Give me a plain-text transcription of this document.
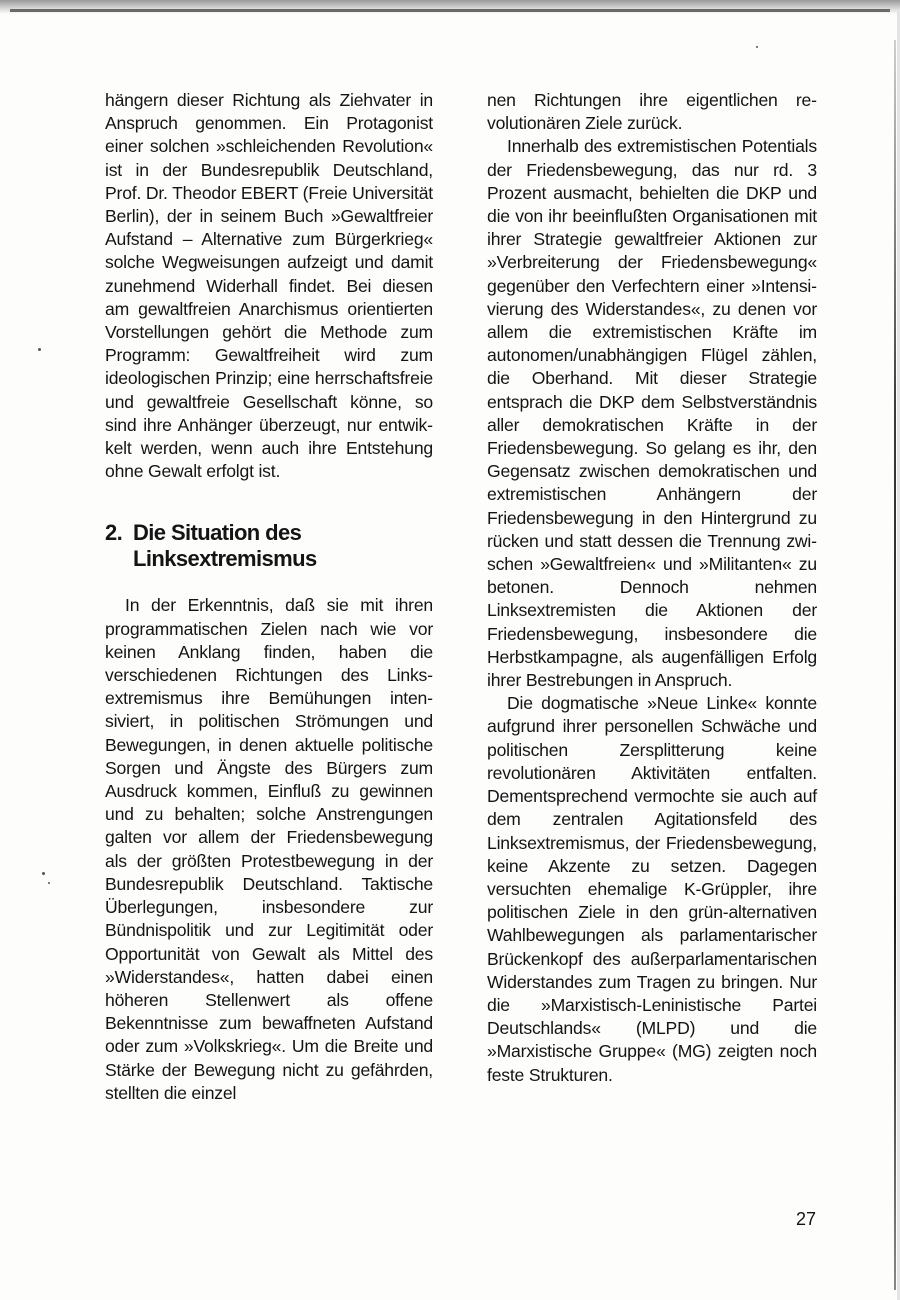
hängern dieser Richtung als Ziehvater in Anspruch genommen. Ein Protagonist einer solchen »schleichenden Revolution« ist in der Bundesrepublik Deutschland, Prof. Dr. Theodor EBERT (Freie Universität Berlin), der in seinem Buch »Gewaltfreier Aufstand – Alternative zum Bürgerkrieg« solche Wegweisungen aufzeigt und damit zunehmend Widerhall findet. Bei diesen am gewaltfreien Anarchismus orientierten Vorstellungen gehört die Methode zum Programm: Gewaltfreiheit wird zum ideologischen Prinzip; eine herrschaftsfreie und gewaltfreie Gesellschaft könne, so sind ihre Anhänger überzeugt, nur entwikkelt werden, wenn auch ihre Entstehung ohne Gewalt erfolgt ist.

2. Die Situation des
Linksextremismus

In der Erkenntnis, daß sie mit ihren programmatischen Zielen nach wie vor keinen Anklang finden, haben die verschiedenen Richtungen des Linksextremismus ihre Bemühungen intensiviert, in politischen Strömungen und Bewegungen, in denen aktuelle politische Sorgen und Ängste des Bürgers zum Ausdruck kommen, Einfluß zu gewinnen und zu behalten; solche Anstrengungen galten vor allem der Friedensbewegung als der größten Protestbewegung in der Bundesrepublik Deutschland. Taktische Überlegungen, insbesondere zur Bündnispolitik und zur Legitimität oder Opportunität von Gewalt als Mittel des »Widerstandes«, hatten dabei einen höheren Stellenwert als offene Bekenntnisse zum bewaffneten Aufstand oder zum »Volkskrieg«. Um die Breite und Stärke der Bewegung nicht zu gefährden, stellten die einzel

nen Richtungen ihre eigentlichen revolutionären Ziele zurück.

Innerhalb des extremistischen Potentials der Friedensbewegung, das nur rd. 3 Prozent ausmacht, behielten die DKP und die von ihr beeinflußten Organisationen mit ihrer Strategie gewaltfreier Aktionen zur »Verbreiterung der Friedensbewegung« gegenüber den Verfechtern einer »Intensivierung des Widerstandes«, zu denen vor allem die extremistischen Kräfte im autonomen/unabhängigen Flügel zählen, die Oberhand. Mit dieser Strategie entsprach die DKP dem Selbstverständnis aller demokratischen Kräfte in der Friedensbewegung. So gelang es ihr, den Gegensatz zwischen demokratischen und extremistischen Anhängern der Friedensbewegung in den Hintergrund zu rücken und statt dessen die Trennung zwischen »Gewaltfreien« und »Militanten« zu betonen. Dennoch nehmen Linksextremisten die Aktionen der Friedensbewegung, insbesondere die Herbstkampagne, als augenfälligen Erfolg ihrer Bestrebungen in Anspruch.

Die dogmatische »Neue Linke« konnte aufgrund ihrer personellen Schwäche und politischen Zersplitterung keine revolutionären Aktivitäten entfalten. Dementsprechend vermochte sie auch auf dem zentralen Agitationsfeld des Linksextremismus, der Friedensbewegung, keine Akzente zu setzen. Dagegen versuchten ehemalige K-Grüppler, ihre politischen Ziele in den grün-alternativen Wahlbewegungen als parlamentarischer Brückenkopf des außerparlamentarischen Widerstandes zum Tragen zu bringen. Nur die »Marxistisch-Leninistische Partei Deutschlands« (MLPD) und die »Marxistische Gruppe« (MG) zeigten noch feste Strukturen.

27
